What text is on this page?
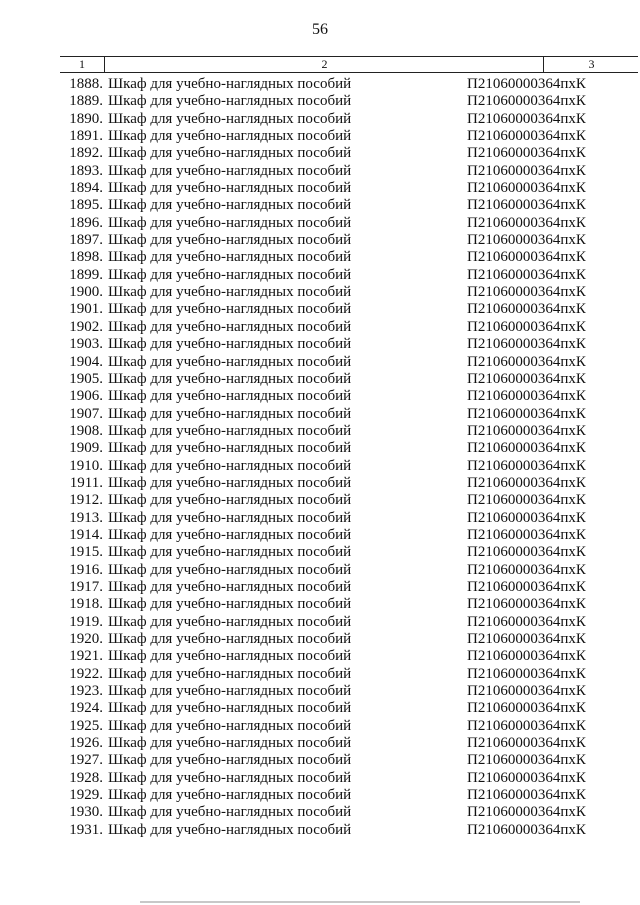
56
1	2	3
1888. Шкаф для учебно-наглядных пособий	П21060000364пхК
1889. Шкаф для учебно-наглядных пособий	П21060000364пхК
1890. Шкаф для учебно-наглядных пособий	П21060000364пхК
1891. Шкаф для учебно-наглядных пособий	П21060000364пхК
1892. Шкаф для учебно-наглядных пособий	П21060000364пхК
1893. Шкаф для учебно-наглядных пособий	П21060000364пхК
1894. Шкаф для учебно-наглядных пособий	П21060000364пхК
1895. Шкаф для учебно-наглядных пособий	П21060000364пхК
1896. Шкаф для учебно-наглядных пособий	П21060000364пхК
1897. Шкаф для учебно-наглядных пособий	П21060000364пхК
1898. Шкаф для учебно-наглядных пособий	П21060000364пхК
1899. Шкаф для учебно-наглядных пособий	П21060000364пхК
1900. Шкаф для учебно-наглядных пособий	П21060000364пхК
1901. Шкаф для учебно-наглядных пособий	П21060000364пхК
1902. Шкаф для учебно-наглядных пособий	П21060000364пхК
1903. Шкаф для учебно-наглядных пособий	П21060000364пхК
1904. Шкаф для учебно-наглядных пособий	П21060000364пхК
1905. Шкаф для учебно-наглядных пособий	П21060000364пхК
1906. Шкаф для учебно-наглядных пособий	П21060000364пхК
1907. Шкаф для учебно-наглядных пособий	П21060000364пхК
1908. Шкаф для учебно-наглядных пособий	П21060000364пхК
1909. Шкаф для учебно-наглядных пособий	П21060000364пхК
1910. Шкаф для учебно-наглядных пособий	П21060000364пхК
1911. Шкаф для учебно-наглядных пособий	П21060000364пхК
1912. Шкаф для учебно-наглядных пособий	П21060000364пхК
1913. Шкаф для учебно-наглядных пособий	П21060000364пхК
1914. Шкаф для учебно-наглядных пособий	П21060000364пхК
1915. Шкаф для учебно-наглядных пособий	П21060000364пхК
1916. Шкаф для учебно-наглядных пособий	П21060000364пхК
1917. Шкаф для учебно-наглядных пособий	П21060000364пхК
1918. Шкаф для учебно-наглядных пособий	П21060000364пхК
1919. Шкаф для учебно-наглядных пособий	П21060000364пхК
1920. Шкаф для учебно-наглядных пособий	П21060000364пхК
1921. Шкаф для учебно-наглядных пособий	П21060000364пхК
1922. Шкаф для учебно-наглядных пособий	П21060000364пхК
1923. Шкаф для учебно-наглядных пособий	П21060000364пхК
1924. Шкаф для учебно-наглядных пособий	П21060000364пхК
1925. Шкаф для учебно-наглядных пособий	П21060000364пхК
1926. Шкаф для учебно-наглядных пособий	П21060000364пхК
1927. Шкаф для учебно-наглядных пособий	П21060000364пхК
1928. Шкаф для учебно-наглядных пособий	П21060000364пхК
1929. Шкаф для учебно-наглядных пособий	П21060000364пхК
1930. Шкаф для учебно-наглядных пособий	П21060000364пхК
1931. Шкаф для учебно-наглядных пособий	П21060000364пхК
